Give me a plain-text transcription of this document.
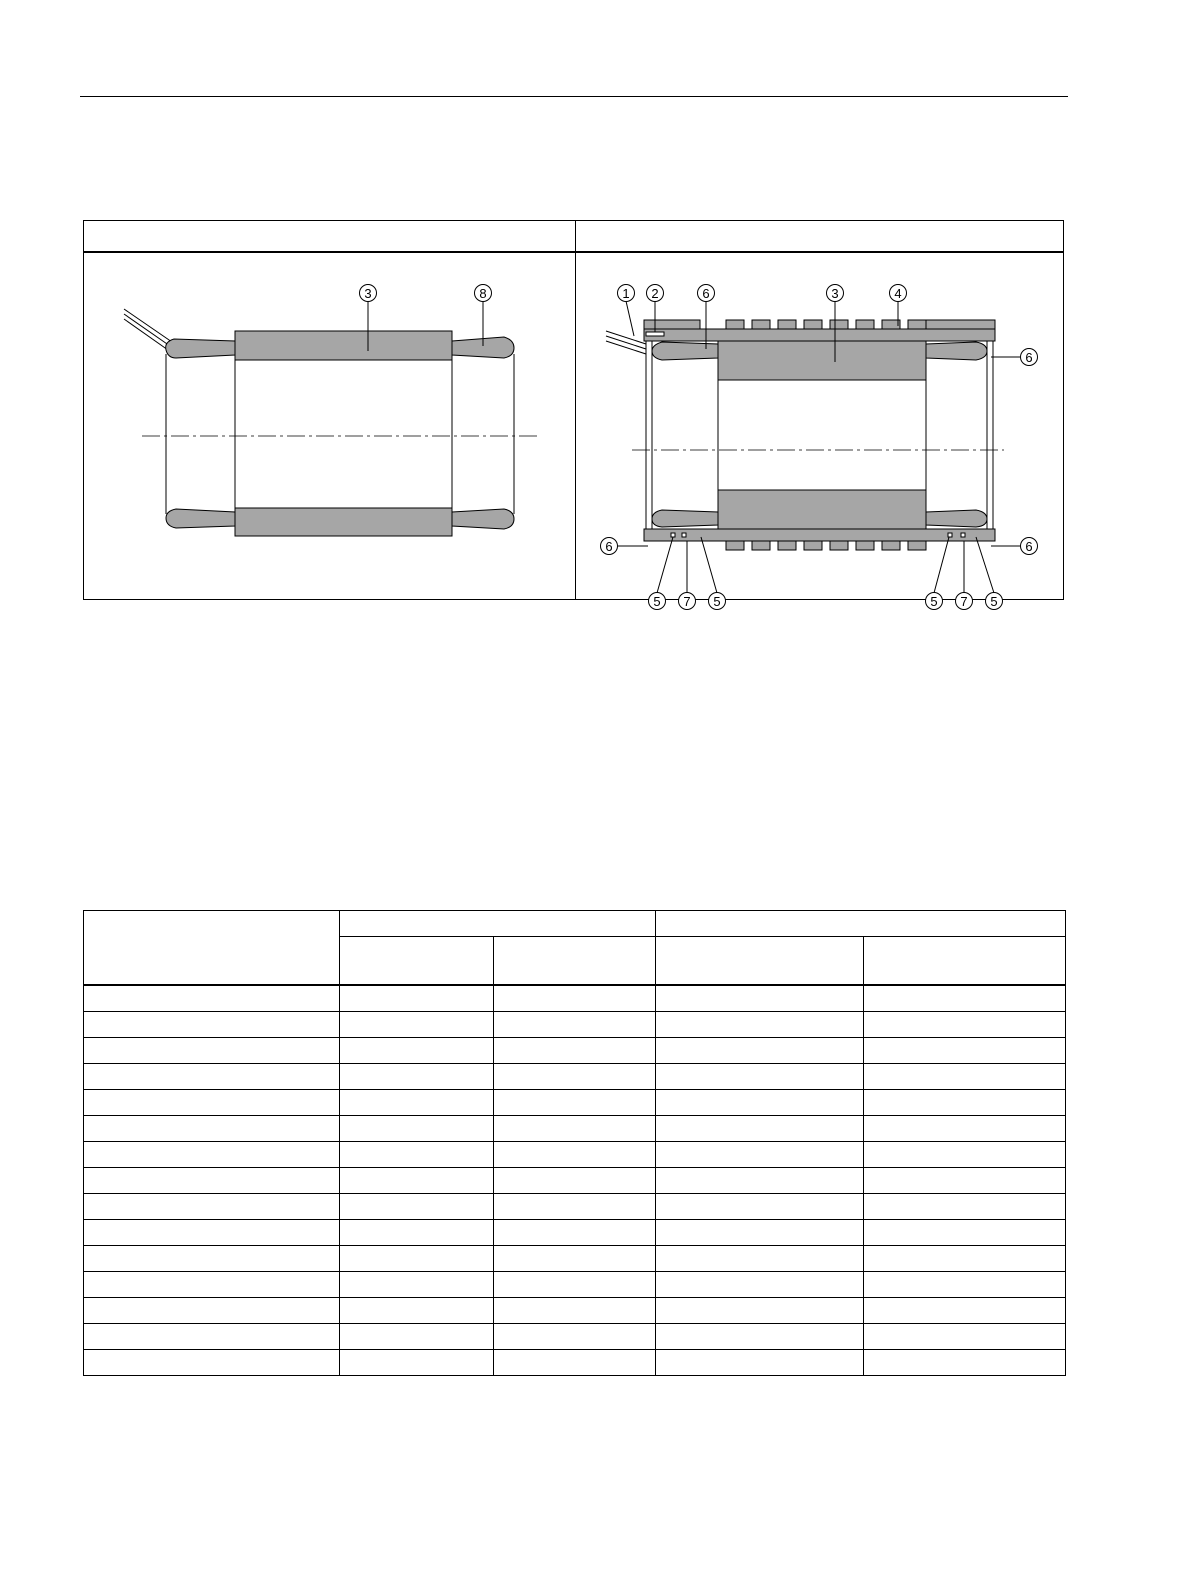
3	8	1 2	6	3	4
6
6	6
5 7 5	5 7 5
